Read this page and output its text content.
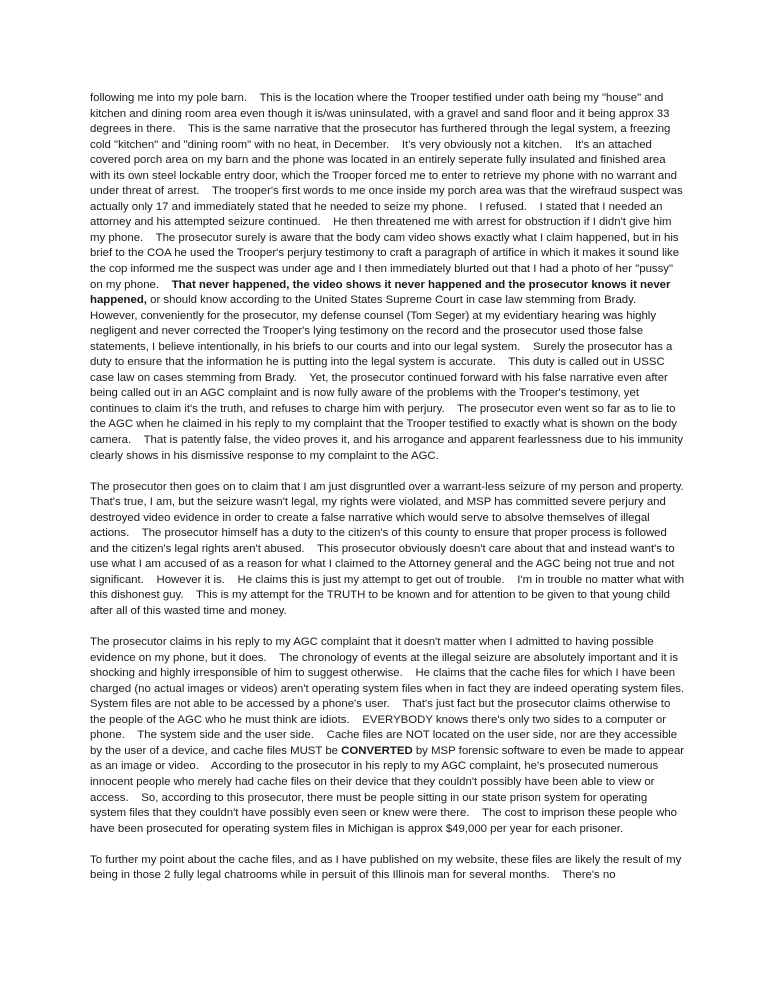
following me into my pole barn.    This is the location where the Trooper testified under oath being my "house" and kitchen and dining room area even though it is/was uninsulated, with a gravel and sand floor and it being approx 33 degrees in there.    This is the same narrative that the prosecutor has furthered through the legal system, a freezing cold "kitchen" and "dining room" with no heat, in December.    It's very obviously not a kitchen.    It's an attached covered porch area on my barn and the phone was located in an entirely seperate fully insulated and finished area with its own steel lockable entry door, which the Trooper forced me to enter to retrieve my phone with no warrant and under threat of arrest.    The trooper's first words to me once inside my porch area was that the wirefraud suspect was actually only 17 and immediately stated that he needed to seize my phone.    I refused.    I stated that I needed an attorney and his attempted seizure continued.    He then threatened me with arrest for obstruction if I didn't give him my phone.    The prosecutor surely is aware that the body cam video shows exactly what I claim happened, but in his brief to the COA he used the Trooper's perjury testimony to craft a paragraph of artifice in which it makes it sound like the cop informed me the suspect was under age and I then immediately blurted out that I had a photo of her "pussy" on my phone.    That never happened, the video shows it never happened and the prosecutor knows it never happened, or should know according to the United States Supreme Court in case law stemming from Brady.    However, conveniently for the prosecutor, my defense counsel (Tom Seger) at my evidentiary hearing was highly negligent and never corrected the Trooper's lying testimony on the record and the prosecutor used those false statements, I believe intentionally, in his briefs to our courts and into our legal system.    Surely the prosecutor has a duty to ensure that the information he is putting into the legal system is accurate.    This duty is called out in USSC case law on cases stemming from Brady.    Yet, the prosecutor continued forward with his false narrative even after being called out in an AGC complaint and is now fully aware of the problems with the Trooper's testimony, yet continues to claim it's the truth, and refuses to charge him with perjury.    The prosecutor even went so far as to lie to the AGC when he claimed in his reply to my complaint that the Trooper testified to exactly what is shown on the body camera.    That is patently false, the video proves it, and his arrogance and apparent fearlessness due to his immunity clearly shows in his dismissive response to my complaint to the AGC.

The prosecutor then goes on to claim that I am just disgruntled over a warrant-less seizure of my person and property.    That's true, I am, but the seizure wasn't legal, my rights were violated, and MSP has committed severe perjury and destroyed video evidence in order to create a false narrative which would serve to absolve themselves of illegal actions.    The prosecutor himself has a duty to the citizen's of this county to ensure that proper process is followed and the citizen's legal rights aren't abused.    This prosecutor obviously doesn't care about that and instead want's to use what I am accused of as a reason for what I claimed to the Attorney general and the AGC being not true and not significant.    However it is.    He claims this is just my attempt to get out of trouble.    I'm in trouble no matter what with this dishonest guy.    This is my attempt for the TRUTH to be known and for attention to be given to that young child after all of this wasted time and money.

The prosecutor claims in his reply to my AGC complaint that it doesn't matter when I admitted to having possible evidence on my phone, but it does.    The chronology of events at the illegal seizure are absolutely important and it is shocking and highly irresponsible of him to suggest otherwise.    He claims that the cache files for which I have been charged (no actual images or videos) aren't operating system files when in fact they are indeed operating system files.    System files are not able to be accessed by a phone's user.    That's just fact but the prosecutor claims otherwise to the people of the AGC who he must think are idiots.    EVERYBODY knows there's only two sides to a computer or phone.    The system side and the user side.    Cache files are NOT located on the user side, nor are they accessible by the user of a device, and cache files MUST be CONVERTED by MSP forensic software to even be made to appear as an image or video.    According to the prosecutor in his reply to my AGC complaint, he's prosecuted numerous innocent people who merely had cache files on their device that they couldn't possibly have been able to view or access.    So, according to this prosecutor, there must be people sitting in our state prison system for operating system files that they couldn't have possibly even seen or knew were there.    The cost to imprison these people who have been prosecuted for operating system files in Michigan is approx $49,000 per year for each prisoner.

To further my point about the cache files, and as I have published on my website, these files are likely the result of my being in those 2 fully legal chatrooms while in persuit of this Illinois man for several months.    There's no
